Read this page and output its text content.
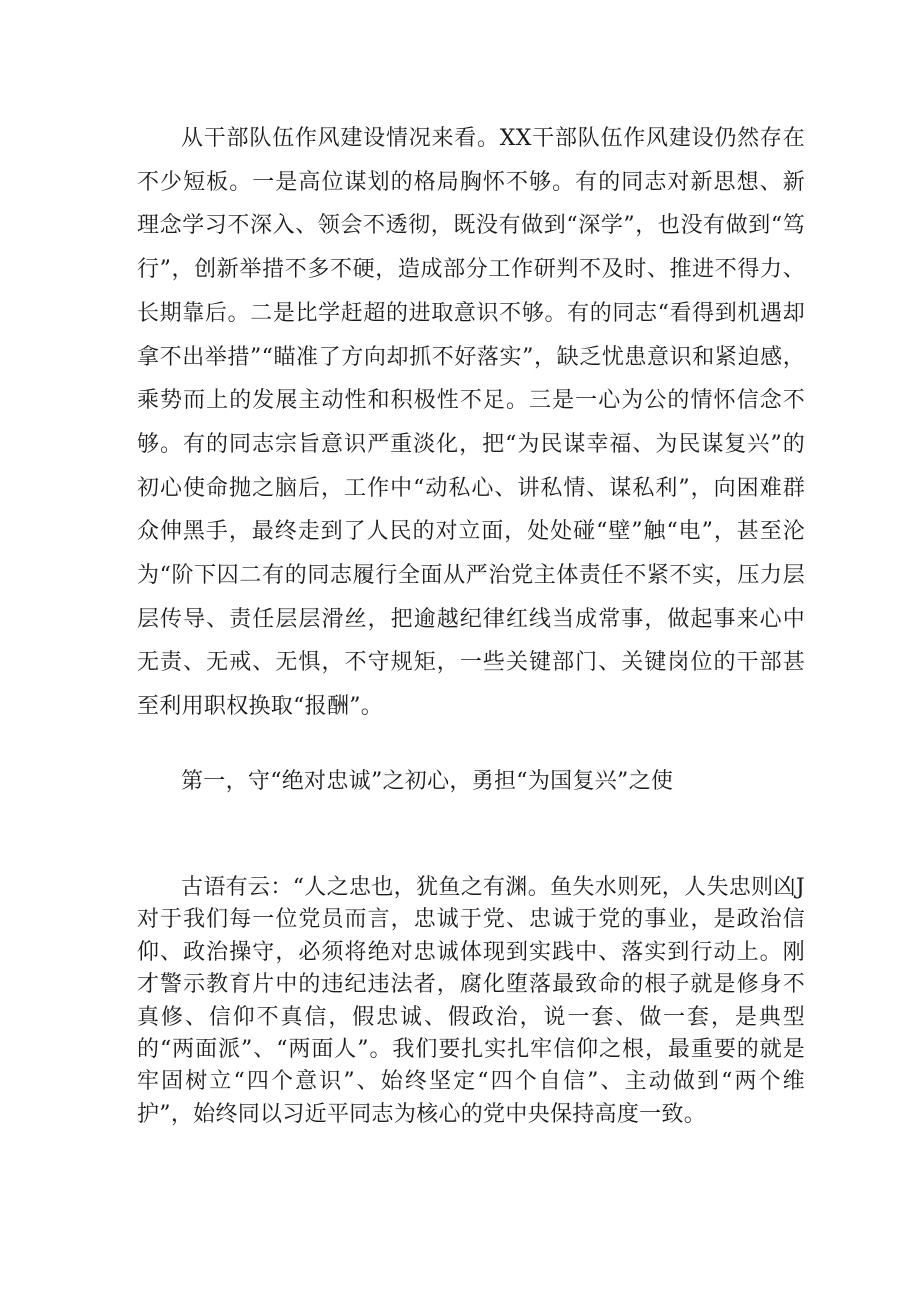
从干部队伍作风建设情况来看。XX干部队伍作风建设仍然存在不少短板。一是高位谋划的格局胸怀不够。有的同志对新思想、新理念学习不深入、领会不透彻，既没有做到“深学”，也没有做到“笃行”，创新举措不多不硬，造成部分工作研判不及时、推进不得力、长期靠后。二是比学赶超的进取意识不够。有的同志“看得到机遇却拿不出举措”“瞄准了方向却抓不好落实”，缺乏忧患意识和紧迫感，乘势而上的发展主动性和积极性不足。三是一心为公的情怀信念不够。有的同志宗旨意识严重淡化，把“为民谋幸福、为民谋复兴”的初心使命抛之脑后，工作中“动私心、讲私情、谋私利”，向困难群众伸黑手，最终走到了人民的对立面，处处碰“壁”触“电”，甚至沦为“阶下囚二有的同志履行全面从严治党主体责任不紧不实，压力层层传导、责任层层滑丝，把逾越纪律红线当成常事，做起事来心中无责、无戒、无惧，不守规矩，一些关键部门、关键岗位的干部甚至利用职权换取“报酬”。

第一，守“绝对忠诚”之初心，勇担“为国复兴”之使

古语有云：“人之忠也，犹鱼之有渊。鱼失水则死，人失忠则凶J对于我们每一位党员而言，忠诚于党、忠诚于党的事业，是政治信仰、政治操守，必须将绝对忠诚体现到实践中、落实到行动上。刚才警示教育片中的违纪违法者，腐化堕落最致命的根子就是修身不真修、信仰不真信，假忠诚、假政治，说一套、做一套，是典型的“两面派”、“两面人”。我们要扎实扎牢信仰之根，最重要的就是牢固树立“四个意识”、始终坚定“四个自信”、主动做到“两个维护”，始终同以习近平同志为核心的党中央保持高度一致。
